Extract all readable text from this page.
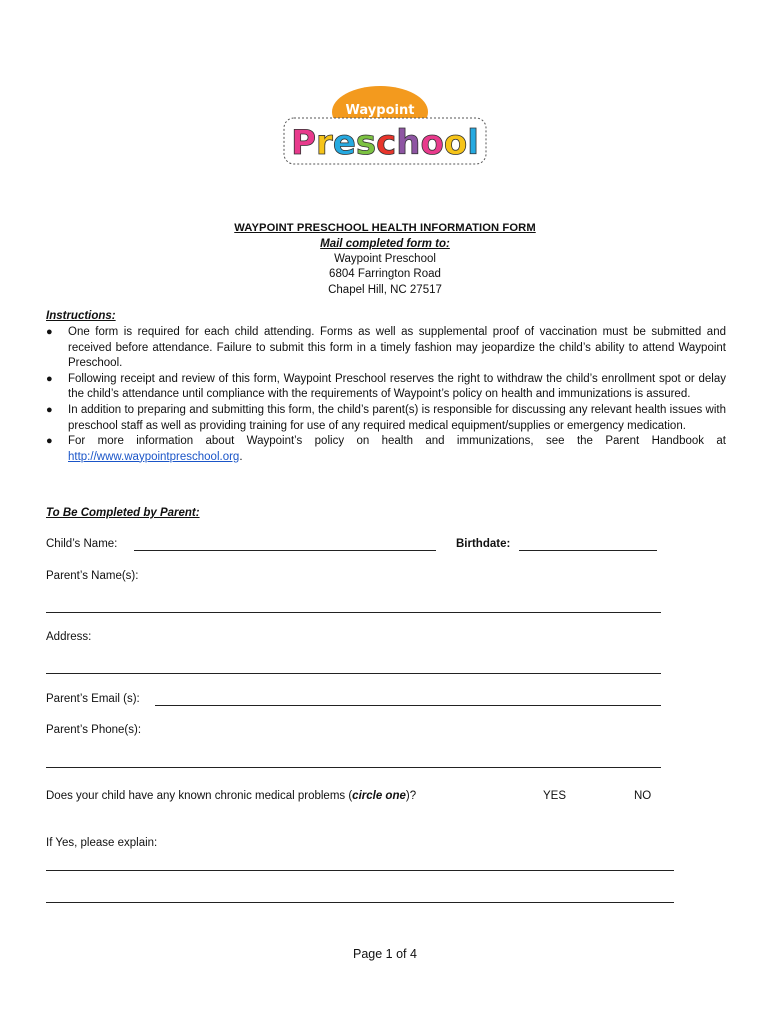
Waypoint
Preschool
WAYPOINT PRESCHOOL HEALTH INFORMATION FORM
Mail completed form to:
Waypoint Preschool
6804 Farrington Road
Chapel Hill, NC 27517
Instructions:
● One form is required for each child attending. Forms as well as supplemental proof of vaccination must be submitted and received before attendance. Failure to submit this form in a timely fashion may jeopardize the child’s ability to attend Waypoint Preschool.
● Following receipt and review of this form, Waypoint Preschool reserves the right to withdraw the child’s enrollment spot or delay the child’s attendance until compliance with the requirements of Waypoint’s policy on health and immunizations is assured.
● In addition to preparing and submitting this form, the child’s parent(s) is responsible for discussing any relevant health issues with preschool staff as well as providing training for use of any required medical equipment/supplies or emergency medication.
● For more information about Waypoint’s policy on health and immunizations, see the Parent Handbook at http://www.waypointpreschool.org.
To Be Completed by Parent:
Child’s Name:	Birthdate:
Parent’s Name(s):
Address:
Parent’s Email (s):
Parent’s Phone(s):
Does your child have any known chronic medical problems (circle one)?	YES	NO
If Yes, please explain:
Page 1 of 4
